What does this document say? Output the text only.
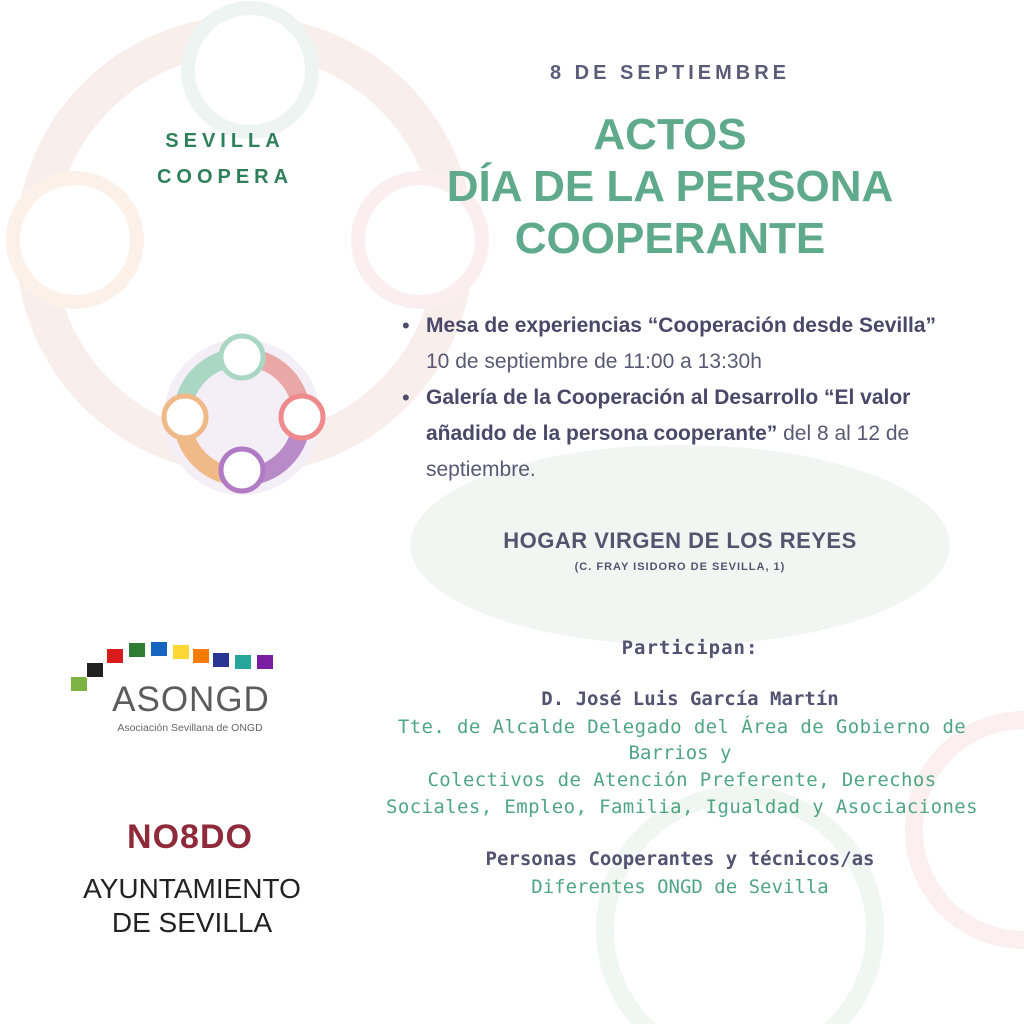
8 DE SEPTIEMBRE
SEVILLA
COOPERA
ACTOS
DÍA DE LA PERSONA
COOPERANTE
• Mesa de experiencias “Cooperación desde Sevilla” 10 de septiembre de 11:00 a 13:30h
• Galería de la Cooperación al Desarrollo “El valor añadido de la persona cooperante” del 8 al 12 de septiembre.
HOGAR VIRGEN DE LOS REYES
(C. FRAY ISIDORO DE SEVILLA, 1)
Participan:
D. José Luis García Martín
Tte. de Alcalde Delegado del Área de Gobierno de
Barrios y
Colectivos de Atención Preferente, Derechos
Sociales, Empleo, Familia, Igualdad y Asociaciones
Personas Cooperantes y técnicos/as
Diferentes ONGD de Sevilla
ASONGD
Asociación Sevillana de ONGD
NO8DO
AYUNTAMIENTO
DE SEVILLA
